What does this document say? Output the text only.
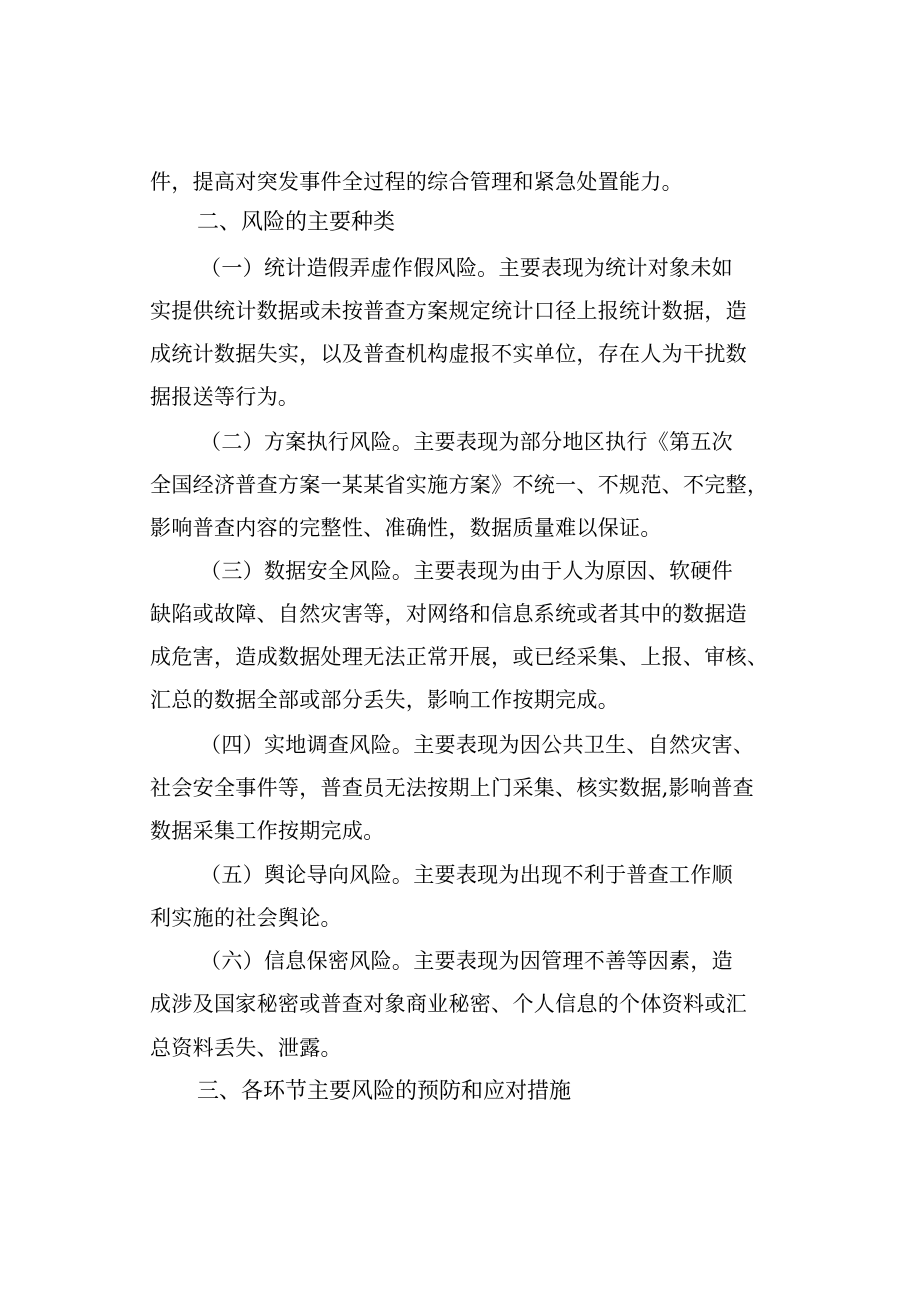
件，提高对突发事件全过程的综合管理和紧急处置能力。
二、风险的主要种类
（一）统计造假弄虚作假风险。主要表现为统计对象未如
实提供统计数据或未按普查方案规定统计口径上报统计数据，造
成统计数据失实，以及普查机构虚报不实单位，存在人为干扰数
据报送等行为。
（二）方案执行风险。主要表现为部分地区执行《第五次
全国经济普查方案一某某省实施方案》不统一、不规范、不完整，
影响普查内容的完整性、准确性，数据质量难以保证。
（三）数据安全风险。主要表现为由于人为原因、软硬件
缺陷或故障、自然灾害等，对网络和信息系统或者其中的数据造
成危害，造成数据处理无法正常开展，或已经采集、上报、审核、
汇总的数据全部或部分丢失，影响工作按期完成。
（四）实地调查风险。主要表现为因公共卫生、自然灾害、
社会安全事件等，普查员无法按期上门采集、核实数据,影响普查
数据采集工作按期完成。
（五）舆论导向风险。主要表现为出现不利于普查工作顺
利实施的社会舆论。
（六）信息保密风险。主要表现为因管理不善等因素，造
成涉及国家秘密或普查对象商业秘密、个人信息的个体资料或汇
总资料丢失、泄露。
三、各环节主要风险的预防和应对措施
